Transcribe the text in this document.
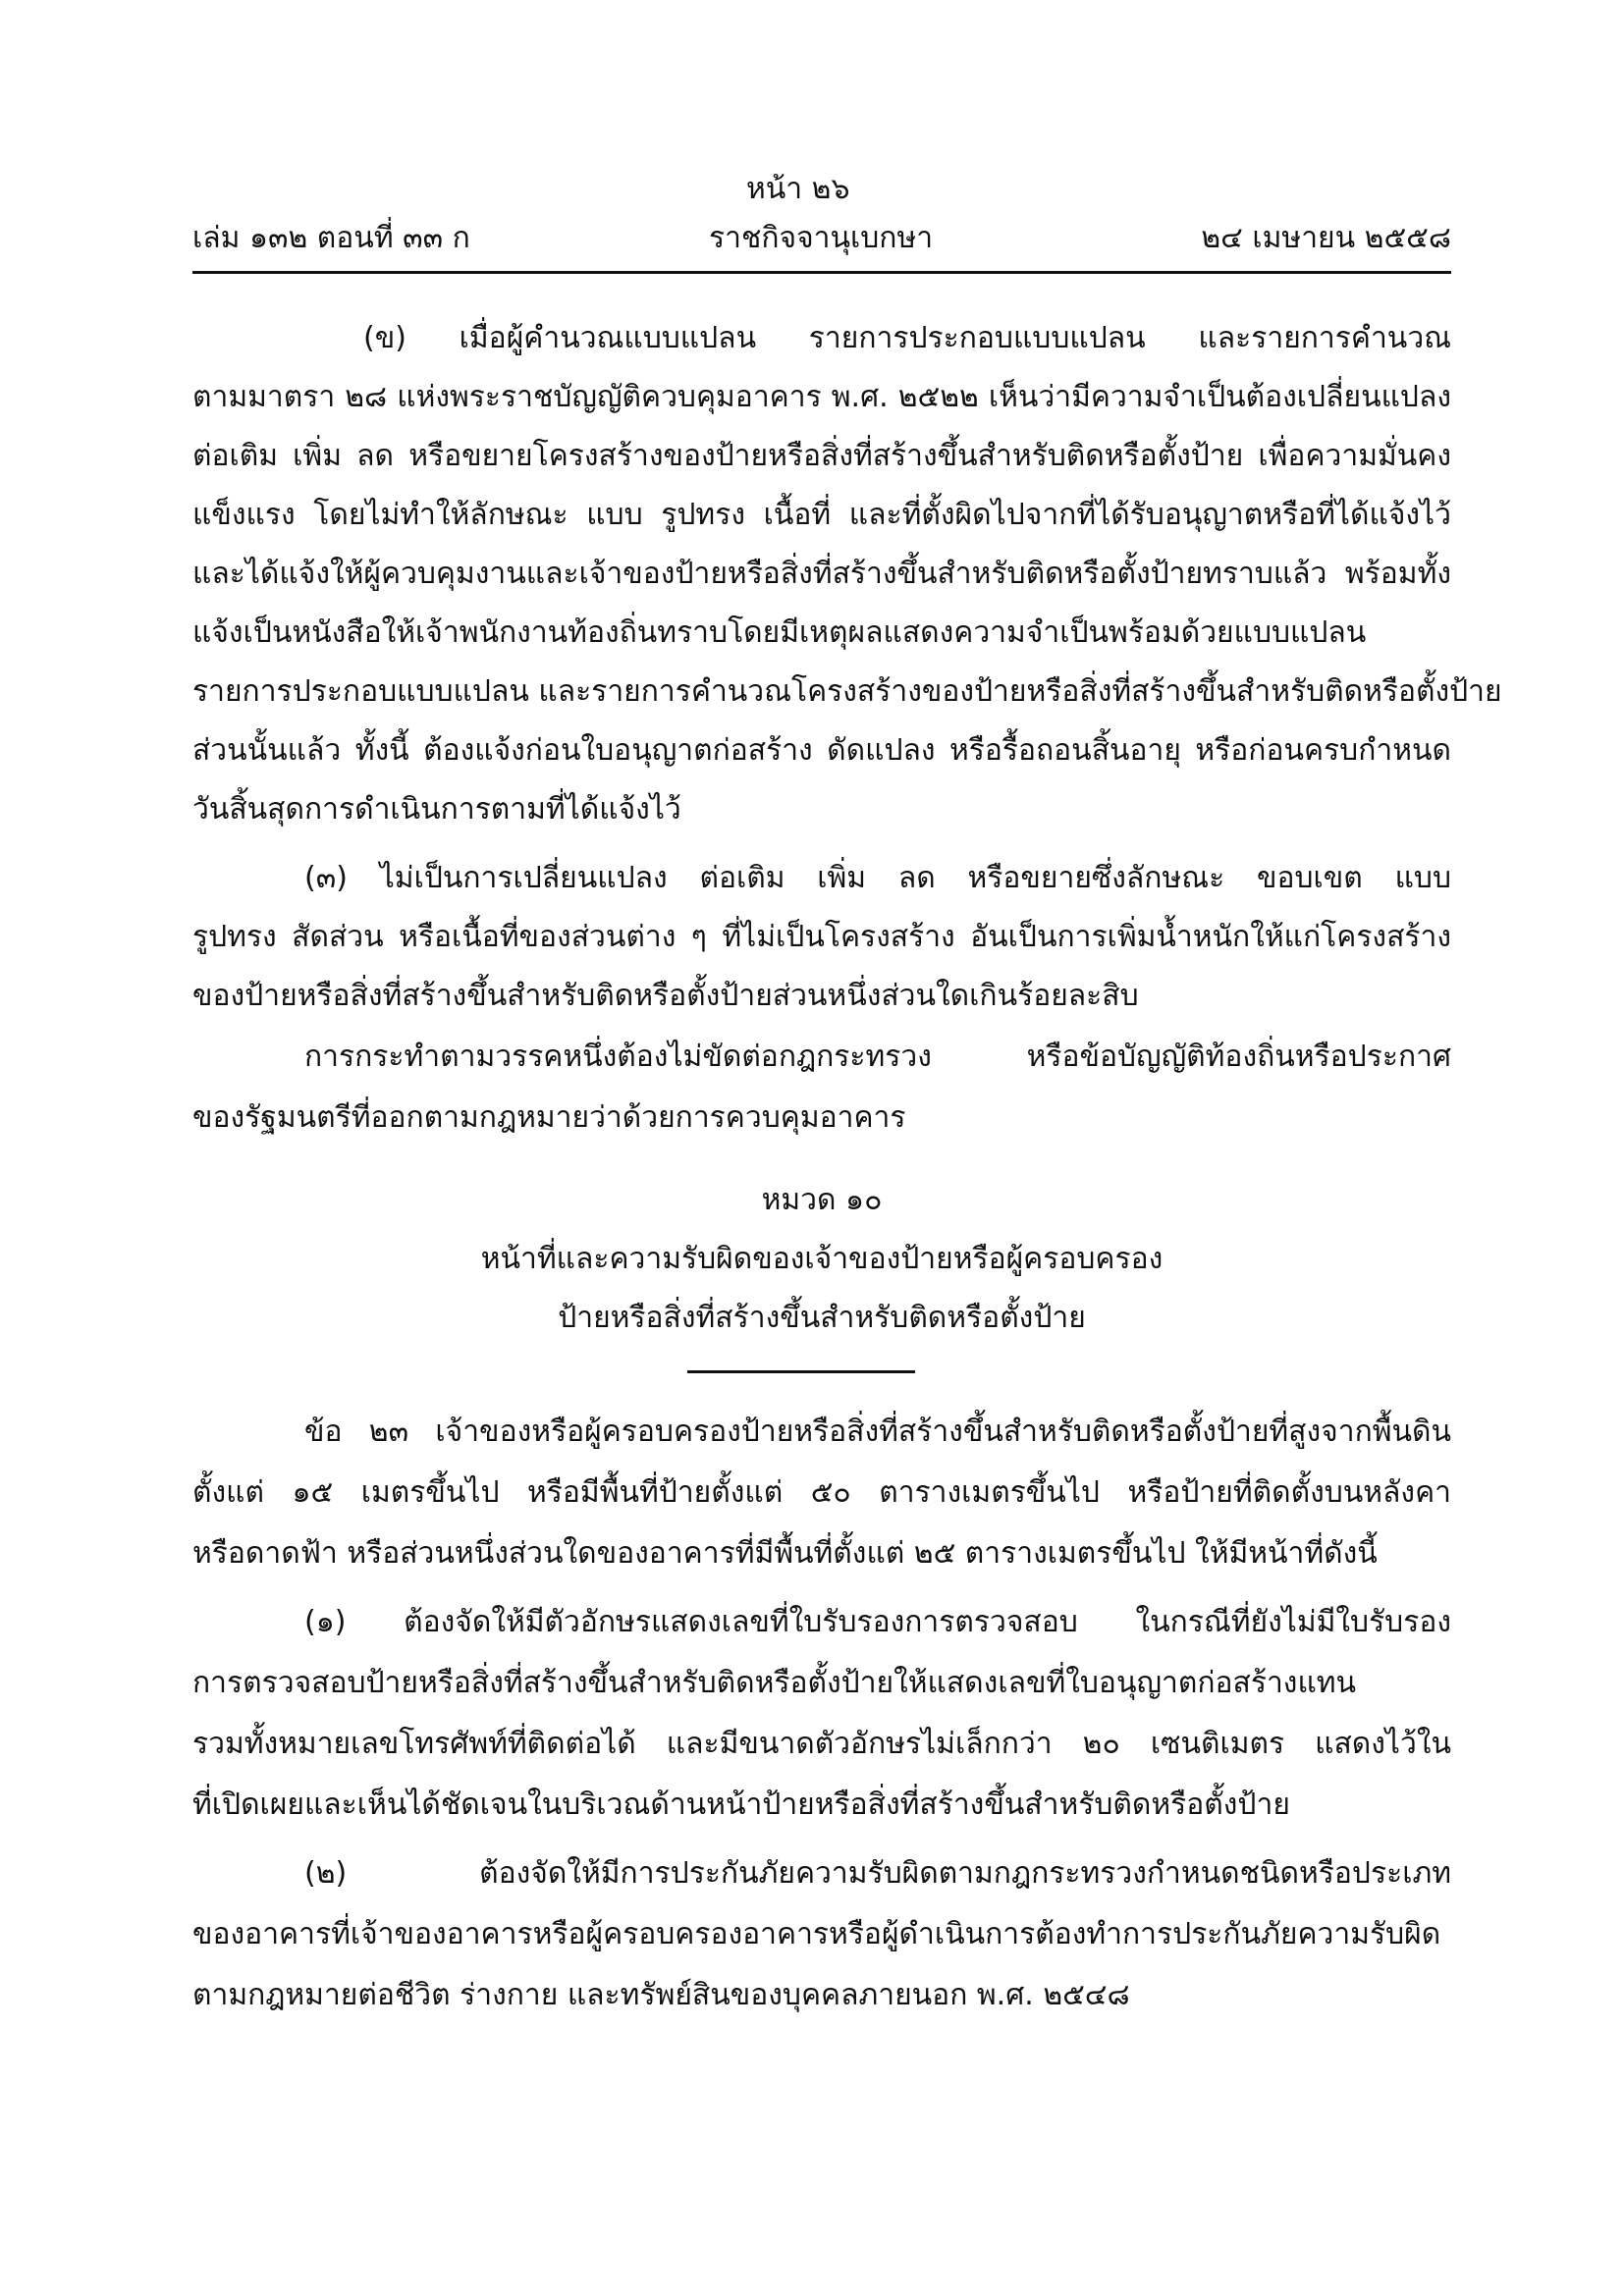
หน้า ๒๖
เล่ม ๑๓๒ ตอนที่ ๓๓ ก	ราชกิจจานุเบกษา	๒๔ เมษายน ๒๕๕๘
(ข) เมื่อผู้คำนวณแบบแปลน รายการประกอบแบบแปลน และรายการคำนวณ
ตามมาตรา ๒๘ แห่งพระราชบัญญัติควบคุมอาคาร พ.ศ. ๒๕๒๒ เห็นว่ามีความจำเป็นต้องเปลี่ยนแปลง
ต่อเติม เพิ่ม ลด หรือขยายโครงสร้างของป้ายหรือสิ่งที่สร้างขึ้นสำหรับติดหรือตั้งป้าย เพื่อความมั่นคง
แข็งแรง โดยไม่ทำให้ลักษณะ แบบ รูปทรง เนื้อที่ และที่ตั้งผิดไปจากที่ได้รับอนุญาตหรือที่ได้แจ้งไว้
และได้แจ้งให้ผู้ควบคุมงานและเจ้าของป้ายหรือสิ่งที่สร้างขึ้นสำหรับติดหรือตั้งป้ายทราบแล้ว พร้อมทั้ง
แจ้งเป็นหนังสือให้เจ้าพนักงานท้องถิ่นทราบโดยมีเหตุผลแสดงความจำเป็นพร้อมด้วยแบบแปลน
รายการประกอบแบบแปลน และรายการคำนวณโครงสร้างของป้ายหรือสิ่งที่สร้างขึ้นสำหรับติดหรือตั้งป้าย
ส่วนนั้นแล้ว ทั้งนี้ ต้องแจ้งก่อนใบอนุญาตก่อสร้าง ดัดแปลง หรือรื้อถอนสิ้นอายุ หรือก่อนครบกำหนด
วันสิ้นสุดการดำเนินการตามที่ได้แจ้งไว้
(๓) ไม่เป็นการเปลี่ยนแปลง ต่อเติม เพิ่ม ลด หรือขยายซึ่งลักษณะ ขอบเขต แบบ
รูปทรง สัดส่วน หรือเนื้อที่ของส่วนต่าง ๆ ที่ไม่เป็นโครงสร้าง อันเป็นการเพิ่มน้ำหนักให้แก่โครงสร้าง
ของป้ายหรือสิ่งที่สร้างขึ้นสำหรับติดหรือตั้งป้ายส่วนหนึ่งส่วนใดเกินร้อยละสิบ
การกระทำตามวรรคหนึ่งต้องไม่ขัดต่อกฎกระทรวง หรือข้อบัญญัติท้องถิ่นหรือประกาศ
ของรัฐมนตรีที่ออกตามกฎหมายว่าด้วยการควบคุมอาคาร
หมวด ๑๐
หน้าที่และความรับผิดของเจ้าของป้ายหรือผู้ครอบครอง
ป้ายหรือสิ่งที่สร้างขึ้นสำหรับติดหรือตั้งป้าย
ข้อ ๒๓ เจ้าของหรือผู้ครอบครองป้ายหรือสิ่งที่สร้างขึ้นสำหรับติดหรือตั้งป้ายที่สูงจากพื้นดิน
ตั้งแต่ ๑๕ เมตรขึ้นไป หรือมีพื้นที่ป้ายตั้งแต่ ๕๐ ตารางเมตรขึ้นไป หรือป้ายที่ติดตั้งบนหลังคา
หรือดาดฟ้า หรือส่วนหนึ่งส่วนใดของอาคารที่มีพื้นที่ตั้งแต่ ๒๕ ตารางเมตรขึ้นไป ให้มีหน้าที่ดังนี้
(๑) ต้องจัดให้มีตัวอักษรแสดงเลขที่ใบรับรองการตรวจสอบ ในกรณีที่ยังไม่มีใบรับรอง
การตรวจสอบป้ายหรือสิ่งที่สร้างขึ้นสำหรับติดหรือตั้งป้ายให้แสดงเลขที่ใบอนุญาตก่อสร้างแทน
รวมทั้งหมายเลขโทรศัพท์ที่ติดต่อได้ และมีขนาดตัวอักษรไม่เล็กกว่า ๒๐ เซนติเมตร แสดงไว้ใน
ที่เปิดเผยและเห็นได้ชัดเจนในบริเวณด้านหน้าป้ายหรือสิ่งที่สร้างขึ้นสำหรับติดหรือตั้งป้าย
(๒) ต้องจัดให้มีการประกันภัยความรับผิดตามกฎกระทรวงกำหนดชนิดหรือประเภท
ของอาคารที่เจ้าของอาคารหรือผู้ครอบครองอาคารหรือผู้ดำเนินการต้องทำการประกันภัยความรับผิด
ตามกฎหมายต่อชีวิต ร่างกาย และทรัพย์สินของบุคคลภายนอก พ.ศ. ๒๕๔๘
